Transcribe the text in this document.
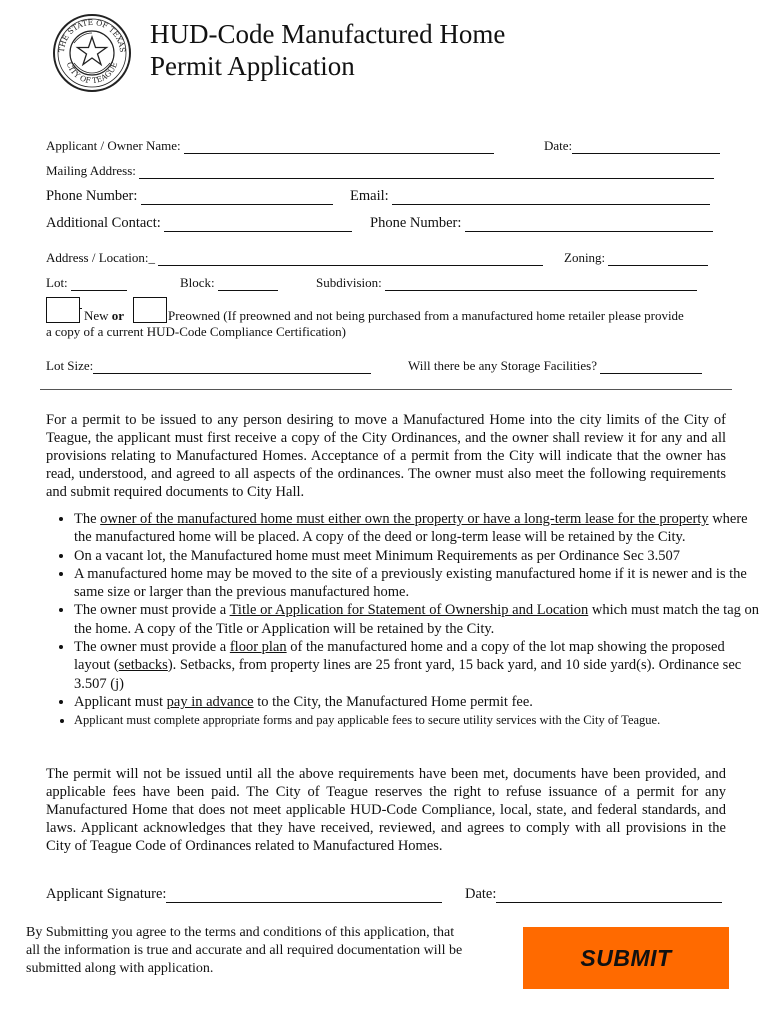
THE STATE OF TEXAS
CITY OF TEAGUE
HUD-Code Manufactured Home
Permit Application
Applicant / Owner Name:	Date:
Mailing Address:
Phone Number:	Email:
Additional Contact:	Phone Number:
Address / Location:_	Zoning:
Lot:	Block:	Subdivision:
New or	Preowned (If preowned and not being purchased from a manufactured home retailer please provide
a copy of a current HUD-Code Compliance Certification)
Lot Size:	Will there be any Storage Facilities?
For a permit to be issued to any person desiring to move a Manufactured Home into the city limits of the City of Teague, the applicant must first receive a copy of the City Ordinances, and the owner shall review it for any and all provisions relating to Manufactured Homes. Acceptance of a permit from the City will indicate that the owner has read, understood, and agreed to all aspects of the ordinances. The owner must also meet the following requirements and submit required documents to City Hall.
• The owner of the manufactured home must either own the property or have a long-term lease for the property where the manufactured home will be placed. A copy of the deed or long-term lease will be retained by the City.
• On a vacant lot, the Manufactured home must meet Minimum Requirements as per Ordinance Sec 3.507
• A manufactured home may be moved to the site of a previously existing manufactured home if it is newer and is the same size or larger than the previous manufactured home.
• The owner must provide a Title or Application for Statement of Ownership and Location which must match the tag on the home. A copy of the Title or Application will be retained by the City.
• The owner must provide a floor plan of the manufactured home and a copy of the lot map showing the proposed layout (setbacks). Setbacks, from property lines are 25 front yard, 15 back yard, and 10 side yard(s). Ordinance sec 3.507 (j)
• Applicant must pay in advance to the City, the Manufactured Home permit fee.
• Applicant must complete appropriate forms and pay applicable fees to secure utility services with the City of Teague.
The permit will not be issued until all the above requirements have been met, documents have been provided, and applicable fees have been paid. The City of Teague reserves the right to refuse issuance of a permit for any Manufactured Home that does not meet applicable HUD-Code Compliance, local, state, and federal standards, and laws. Applicant acknowledges that they have received, reviewed, and agrees to comply with all provisions in the City of Teague Code of Ordinances related to Manufactured Homes.
Applicant Signature:	Date:
By Submitting you agree to the terms and conditions of this application, that all the information is true and accurate and all required documentation will be submitted along with application.	SUBMIT
